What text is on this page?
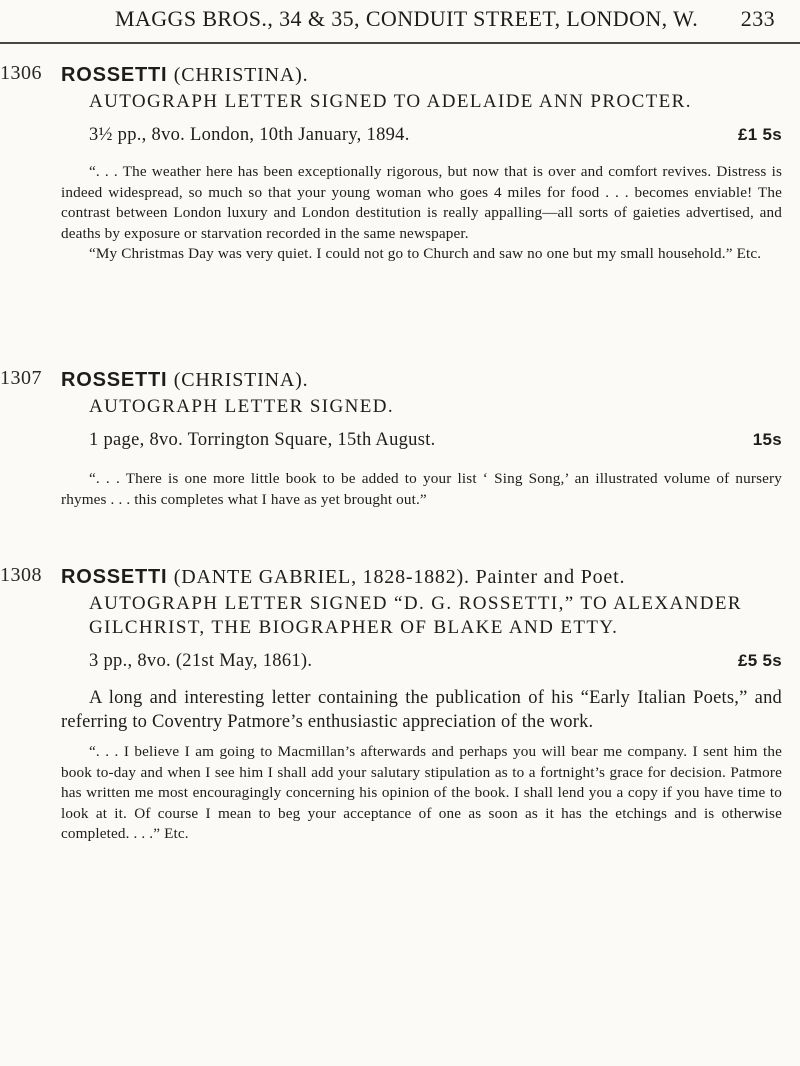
MAGGS BROS., 34 & 35, CONDUIT STREET, LONDON, W. 233
1306 ROSSETTI (CHRISTINA).
AUTOGRAPH LETTER SIGNED TO ADELAIDE ANN PROCTER.
3½ pp., 8vo. London, 10th January, 1894.	£1 5s

“. . . The weather here has been exceptionally rigorous, but now that is over and comfort revives. Distress is indeed widespread, so much so that your young woman who goes 4 miles for food . . . becomes enviable! The contrast between London luxury and London destitution is really appalling—all sorts of gaieties advertised, and deaths by exposure or starvation recorded in the same newspaper.

“My Christmas Day was very quiet. I could not go to Church and saw no one but my small household.” Etc.

1307 ROSSETTI (CHRISTINA).
AUTOGRAPH LETTER SIGNED.
1 page, 8vo. Torrington Square, 15th August.	15s

“. . . There is one more little book to be added to your list ‘ Sing Song,’ an illustrated volume of nursery rhymes . . . this completes what I have as yet brought out.”

1308 ROSSETTI (DANTE GABRIEL, 1828-1882). Painter and Poet.
AUTOGRAPH LETTER SIGNED “D. G. ROSSETTI,” TO ALEXANDER GILCHRIST, THE BIOGRAPHER OF BLAKE AND ETTY.
3 pp., 8vo. (21st May, 1861).	£5 5s

A long and interesting letter containing the publication of his “Early Italian Poets,” and referring to Coventry Patmore’s enthusiastic appreciation of the work.

“. . . I believe I am going to Macmillan’s afterwards and perhaps you will bear me company. I sent him the book to-day and when I see him I shall add your salutary stipulation as to a fortnight’s grace for decision. Patmore has written me most encouragingly concerning his opinion of the book. I shall lend you a copy if you have time to look at it. Of course I mean to beg your acceptance of one as soon as it has the etchings and is otherwise completed. . . .” Etc.
